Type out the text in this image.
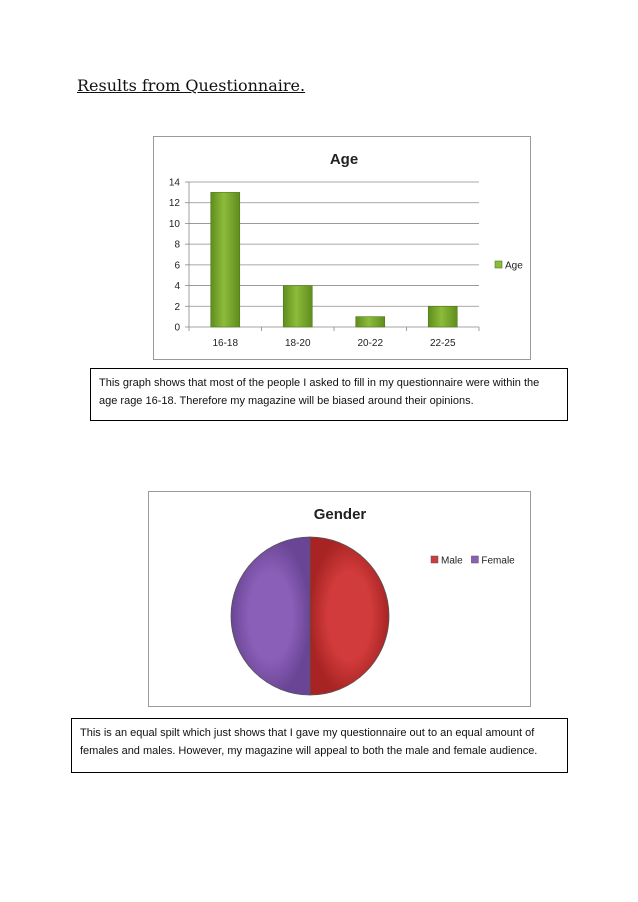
Results from Questionnaire.
Age
0
2
4
6
8
10
12
14
16-18	18-20	20-22	22-25
Age
This graph shows that most of the people I asked to fill in my questionnaire were within the age rage 16-18. Therefore my magazine will be biased around their opinions.
Gender
Male Female
This is an equal spilt which just shows that I gave my questionnaire out to an equal amount of females and males. However, my magazine will appeal to both the male and female audience.
